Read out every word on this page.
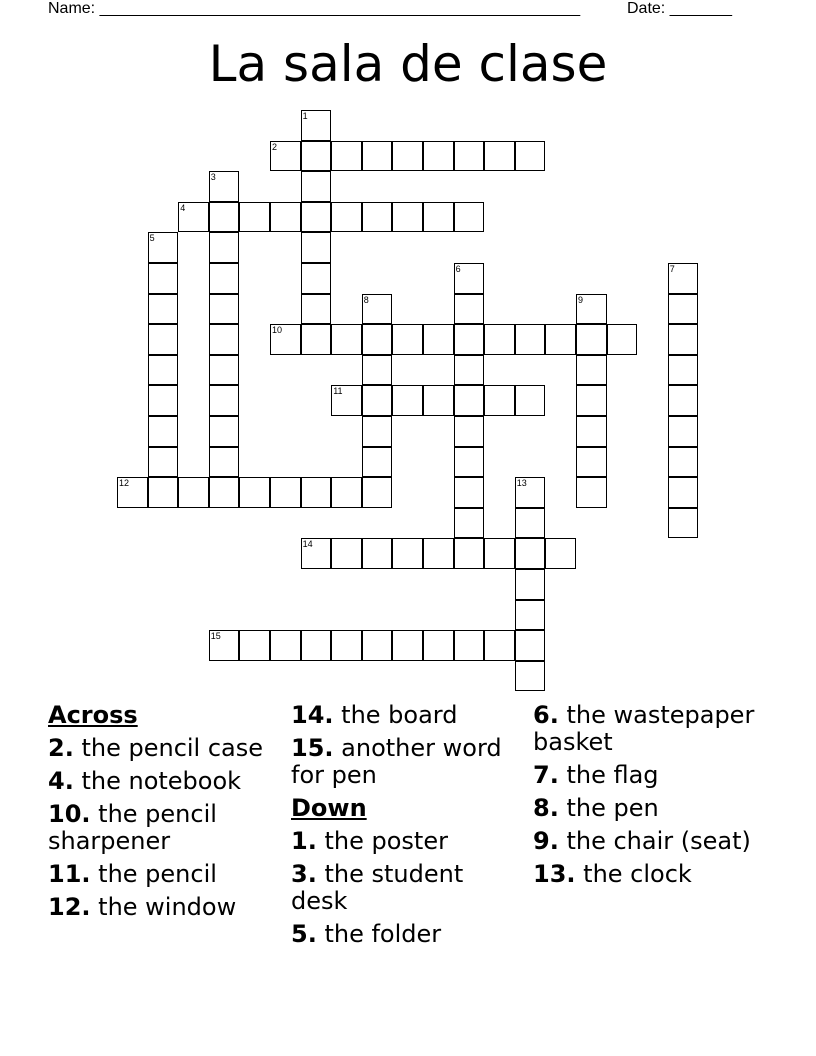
Name: ______________________________________________________	Date: _______
La sala de clase
1
2
3
4
5
6	7
8	9
10
11
12	13
14
15
Across
2. the pencil case
4. the notebook
10. the pencil sharpener
11. the pencil
12. the window
14. the board
15. another word for pen
Down
1. the poster
3. the student desk
5. the folder
6. the wastepaper basket
7. the flag
8. the pen
9. the chair (seat)
13. the clock
